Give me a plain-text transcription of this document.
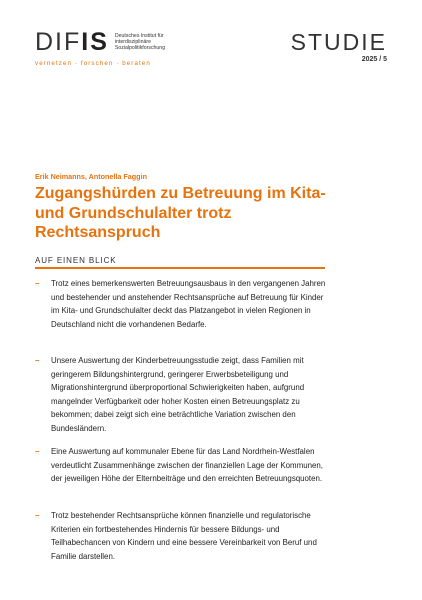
DIF IS Deutsches Institut für interdisziplinäre Sozialpolitikforschung
vernetzen · forschen · beraten
STUDIE
2025 / 5
Erik Neimanns, Antonella Faggin
Zugangshürden zu Betreuung im Kita- und Grundschulalter trotz Rechtsanspruch
AUF EINEN BLICK
–	Trotz eines bemerkenswerten Betreuungsausbaus in den vergangenen Jahren und bestehender und anstehender Rechtsansprüche auf Betreuung für Kinder im Kita- und Grundschulalter deckt das Platzangebot in vielen Regionen in Deutschland nicht die vorhandenen Bedarfe.
–	Unsere Auswertung der Kinderbetreuungsstudie zeigt, dass Familien mit geringerem Bildungshintergrund, geringerer Erwerbsbeteiligung und Migrationshintergrund überproportional Schwierigkeiten haben, aufgrund mangelnder Verfügbarkeit oder hoher Kosten einen Betreuungsplatz zu bekommen; dabei zeigt sich eine beträchtliche Variation zwischen den Bundesländern.
–	Eine Auswertung auf kommunaler Ebene für das Land Nordrhein-Westfalen verdeutlicht Zusammenhänge zwischen der finanziellen Lage der Kommunen, der jeweiligen Höhe der Elternbeiträge und den erreichten Betreuungsquoten.
–	Trotz bestehender Rechtsansprüche können finanzielle und regulatorische Kriterien ein fortbestehendes Hindernis für bessere Bildungs- und Teilhabechancen von Kindern und eine bessere Vereinbarkeit von Beruf und Familie darstellen.
